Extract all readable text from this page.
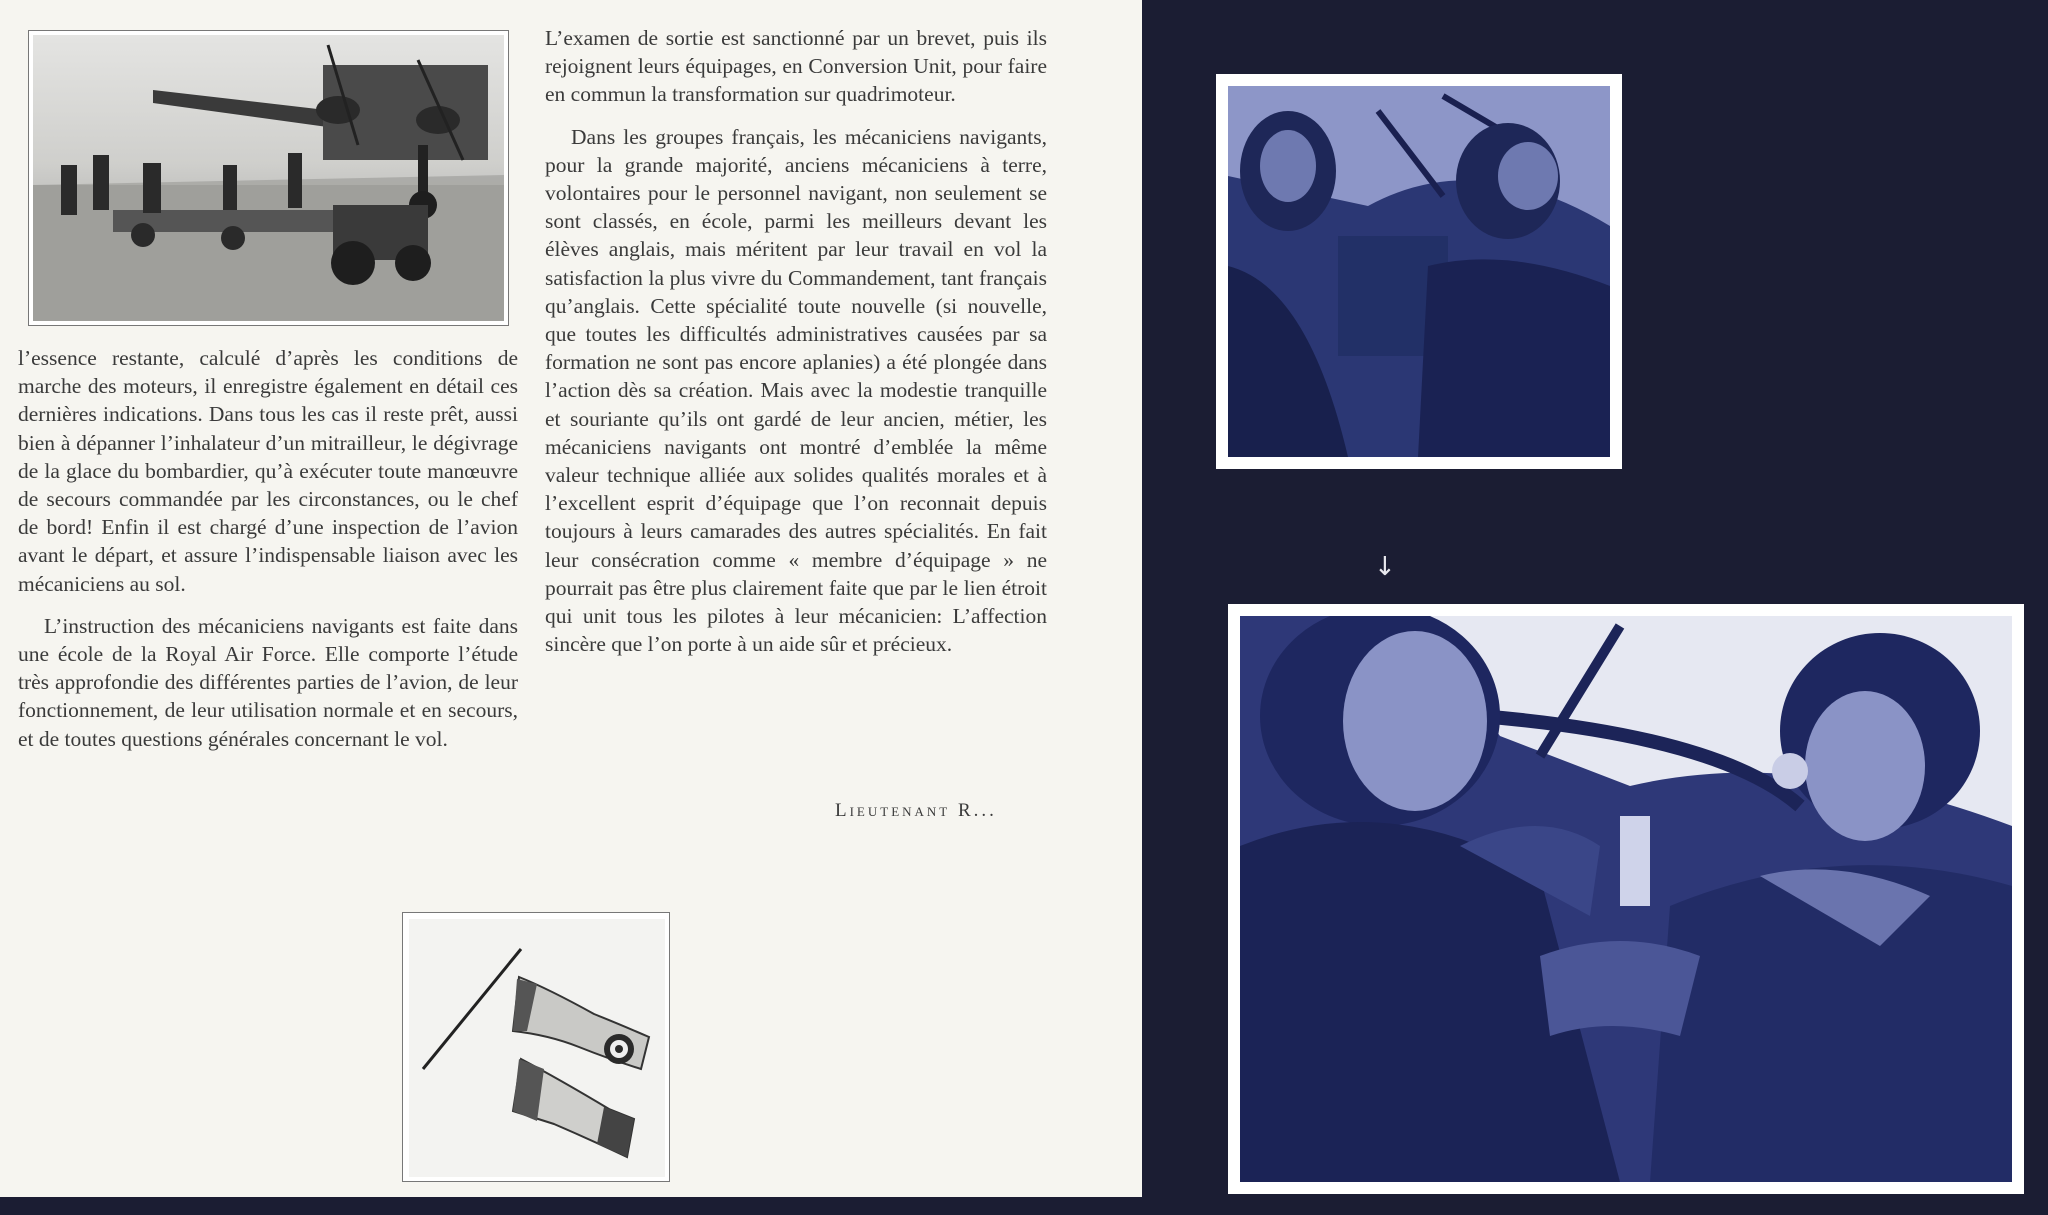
l’essence restante, calculé d’après les conditions de marche des moteurs, il enregistre également en détail ces dernières indications. Dans tous les cas il reste prêt, aussi bien à dépanner l’inhalateur d’un mitrailleur, le dégivrage de la glace du bombardier, qu’à exécuter toute manœuvre de secours commandée par les circonstances, ou le chef de bord! Enfin il est chargé d’une inspection de l’avion avant le départ, et assure l’indispensable liaison avec les mécaniciens au sol.

L’instruction des mécaniciens navigants est faite dans une école de la Royal Air Force. Elle comporte l’étude très approfondie des différentes parties de l’avion, de leur fonctionnement, de leur utilisation normale et en secours, et de toutes questions générales concernant le vol.

L’examen de sortie est sanctionné par un brevet, puis ils rejoignent leurs équipages, en Conversion Unit, pour faire en commun la transformation sur quadrimoteur.

Dans les groupes français, les mécaniciens navigants, pour la grande majorité, anciens mécaniciens à terre, volontaires pour le personnel navigant, non seulement se sont classés, en école, parmi les meilleurs devant les élèves anglais, mais méritent par leur travail en vol la satisfaction la plus vivre du Commandement, tant français qu’anglais. Cette spécialité toute nouvelle (si nouvelle, que toutes les difficultés administratives causées par sa formation ne sont pas encore aplanies) a été plongée dans l’action dès sa création. Mais avec la modestie tranquille et souriante qu’ils ont gardé de leur ancien, métier, les mécaniciens navigants ont montré d’emblée la même valeur technique alliée aux solides qualités morales et à l’excellent esprit d’équipage que l’on reconnait depuis toujours à leurs camarades des autres spécialités. En fait leur consécration comme « membre d’équipage » ne pourrait pas être plus clairement faite que par le lien étroit qui unit tous les pilotes à leur mécanicien: L’affection sincère que l’on porte à un aide sûr et précieux.

Lieutenant R...
↓
